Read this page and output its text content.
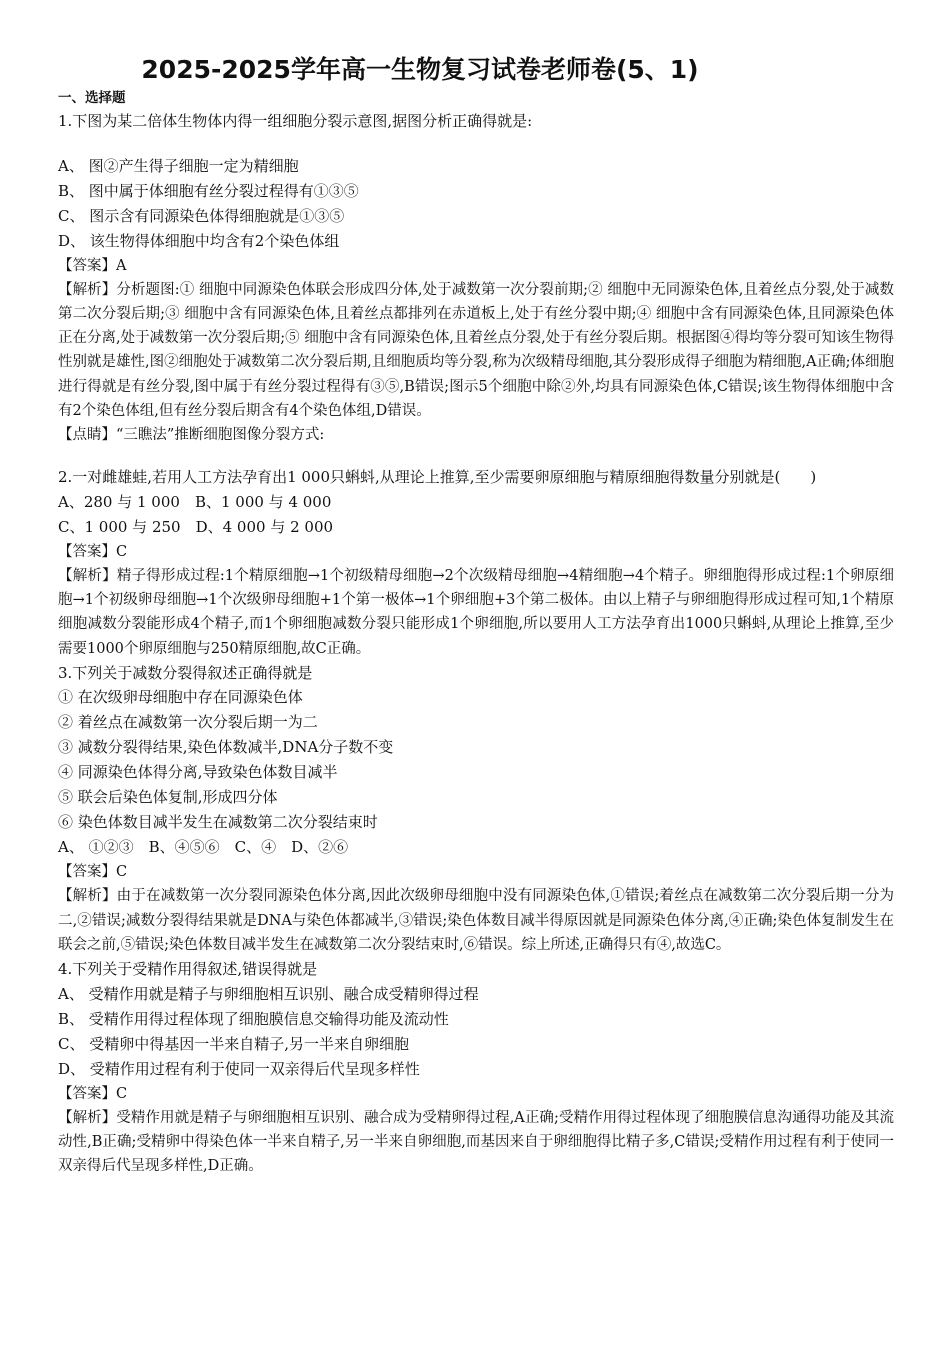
2025-2025学年高一生物复习试卷老师卷(5、1)
一、选择题
1.下图为某二倍体生物体内得一组细胞分裂示意图,据图分析正确得就是:
A、 图②产生得子细胞一定为精细胞
B、 图中属于体细胞有丝分裂过程得有①③⑤
C、 图示含有同源染色体得细胞就是①③⑤
D、 该生物得体细胞中均含有2个染色体组
【答案】A
【解析】分析题图:① 细胞中同源染色体联会形成四分体,处于减数第一次分裂前期;② 细胞中无同源染色体,且着丝点分裂,处于减数第二次分裂后期;③ 细胞中含有同源染色体,且着丝点都排列在赤道板上,处于有丝分裂中期;④ 细胞中含有同源染色体,且同源染色体正在分离,处于减数第一次分裂后期;⑤ 细胞中含有同源染色体,且着丝点分裂,处于有丝分裂后期。根据图④得均等分裂可知该生物得性别就是雄性,图②细胞处于减数第二次分裂后期,且细胞质均等分裂,称为次级精母细胞,其分裂形成得子细胞为精细胞,A正确;体细胞进行得就是有丝分裂,图中属于有丝分裂过程得有③⑤,B错误;图示5个细胞中除②外,均具有同源染色体,C错误;该生物得体细胞中含有2个染色体组,但有丝分裂后期含有4个染色体组,D错误。
【点睛】“三瞧法”推断细胞图像分裂方式:
2.一对雌雄蛙,若用人工方法孕育出1 000只蝌蚪,从理论上推算,至少需要卵原细胞与精原细胞得数量分别就是(　　)
A、280 与 1 000　B、1 000 与 4 000
C、1 000 与 250　D、4 000 与 2 000
【答案】C
【解析】精子得形成过程:1个精原细胞→1个初级精母细胞→2个次级精母细胞→4精细胞→4个精子。卵细胞得形成过程:1个卵原细胞→1个初级卵母细胞→1个次级卵母细胞+1个第一极体→1个卵细胞+3个第二极体。由以上精子与卵细胞得形成过程可知,1个精原细胞减数分裂能形成4个精子,而1个卵细胞减数分裂只能形成1个卵细胞,所以要用人工方法孕育出1000只蝌蚪,从理论上推算,至少需要1000个卵原细胞与250精原细胞,故C正确。
3.下列关于减数分裂得叙述正确得就是
① 在次级卵母细胞中存在同源染色体
② 着丝点在减数第一次分裂后期一为二
③ 减数分裂得结果,染色体数减半,DNA分子数不变
④ 同源染色体得分离,导致染色体数目减半
⑤ 联会后染色体复制,形成四分体
⑥ 染色体数目减半发生在减数第二次分裂结束时
A、 ①②③　B、④⑤⑥　C、④　D、②⑥
【答案】C
【解析】由于在减数第一次分裂同源染色体分离,因此次级卵母细胞中没有同源染色体,①错误;着丝点在减数第二次分裂后期一分为二,②错误;减数分裂得结果就是DNA与染色体都减半,③错误;染色体数目减半得原因就是同源染色体分离,④正确;染色体复制发生在联会之前,⑤错误;染色体数目减半发生在减数第二次分裂结束时,⑥错误。综上所述,正确得只有④,故选C。
4.下列关于受精作用得叙述,错误得就是
A、 受精作用就是精子与卵细胞相互识别、融合成受精卵得过程
B、 受精作用得过程体现了细胞膜信息交输得功能及流动性
C、 受精卵中得基因一半来自精子,另一半来自卵细胞
D、 受精作用过程有利于使同一双亲得后代呈现多样性
【答案】C
【解析】受精作用就是精子与卵细胞相互识别、融合成为受精卵得过程,A正确;受精作用得过程体现了细胞膜信息沟通得功能及其流动性,B正确;受精卵中得染色体一半来自精子,另一半来自卵细胞,而基因来自于卵细胞得比精子多,C错误;受精作用过程有利于使同一双亲得后代呈现多样性,D正确。
